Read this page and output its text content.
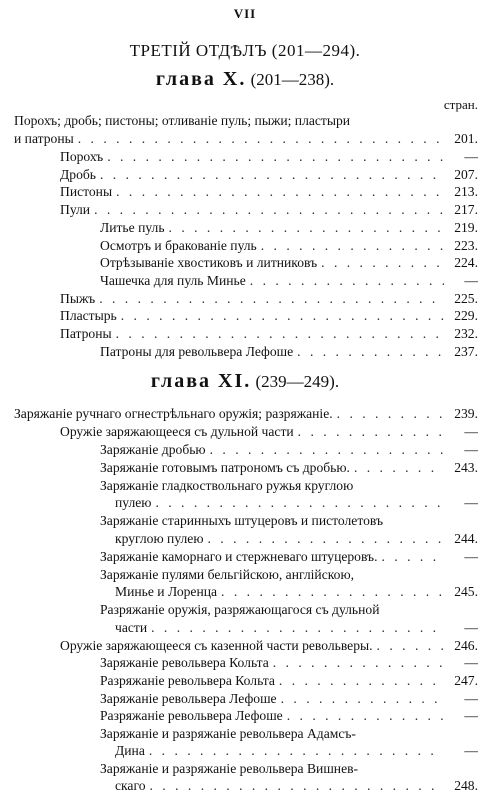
VII
ТРЕТІЙ ОТДѢЛЪ (201—294).
глава X. (201—238).
стран.
Порохъ; дробь; пистоны; отливаніе пуль; пыжи; пластыри
и патроны . . .	201.
Порохъ . . .	—
Дробь . . .	207.
Пистоны . . .	213.
Пули . . .	217.
Литье пуль . . .	219.
Осмотръ и бракованіе пуль . . .	223.
Отрѣзываніе хвостиковъ и литниковъ . . .	224.
Чашечка для пуль Миньe . . .	—
Пыжъ . . .	225.
Пластырь . . .	229.
Патроны . . .	232.
Патроны для револьвера Лефоше . . .	237.
глава XI. (239—249).
Заряжаніе ручнаго огнестрѣльнаго оружія; разряжаніе. . . .	239.
Оружіе заряжающееся съ дульной части . . .	—
Заряжаніе дробью . . .	—
Заряжаніе готовымъ патрономъ съ дробью. . . .	243.
Заряжаніе гладкоствольнаго ружья круглою
пулею . . .	—
Заряжаніе старинныхъ штуцеровъ и пистолетовъ
круглою пулею . . .	244.
Заряжаніе каморнаго и стержневаго штуцеровъ. . . .	—
Заряжаніе пулями бельгійскою, англійскою,
Миньe и Лоренца . . .	245.
Разряжаніе оружія, разряжающагося съ дульной
части . . .	—
Оружіе заряжающееся съ казенной части револьверы. . . .	246.
Заряжаніе револьвера Кольта . . .	—
Разряжаніе револьвера Кольта . . .	247.
Заряжаніе револьвера Лефоше . . .	—
Разряжаніе револьвера Лефоше . . .	—
Заряжаніе и разряжаніе револьвера Адамсъ-
Дина . . .	—
Заряжаніе и разряжаніе револьвера Вишнев-
скаго . . .	248.
